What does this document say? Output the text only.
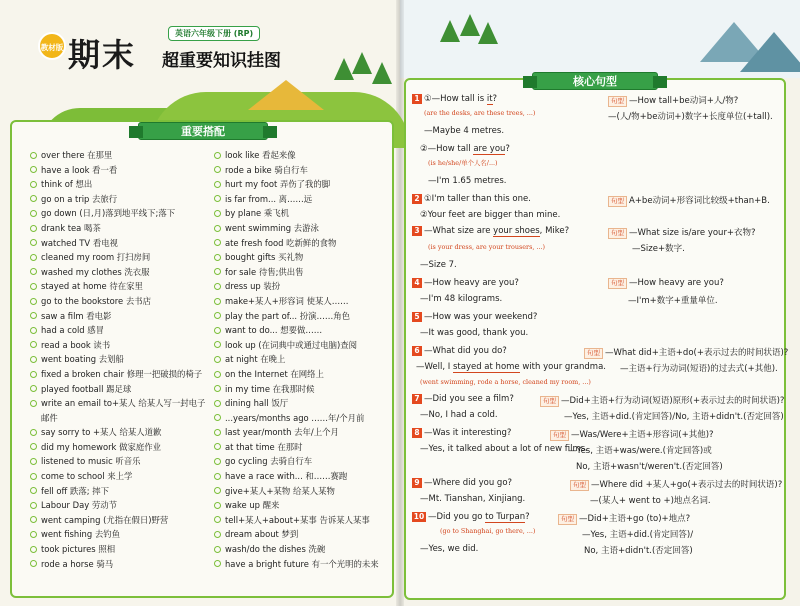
教材版 期末
英语六年级下册 (RP)
超重要知识挂图
重要搭配
over there 在那里
have a look 看一看
think of 想出
go on a trip 去旅行
go down (日,月)落到地平线下;落下
drank tea 喝茶
watched TV 看电视
cleaned my room 打扫房间
washed my clothes 洗衣服
stayed at home 待在家里
go to the bookstore 去书店
saw a film 看电影
had a cold 感冒
read a book 读书
went boating 去划船
fixed a broken chair 修理一把破损的椅子
played football 踢足球
write an email to+某人 给某人写一封电子
邮件
say sorry to +某人 给某人道歉
did my homework 做家庭作业
listened to music 听音乐
come to school 来上学
fell off 跌落; 摔下
Labour Day 劳动节
went camping (尤指在假日)野营
went fishing 去钓鱼
took pictures 照相
rode a horse 骑马
look like 看起来像
rode a bike 骑自行车
hurt my foot 弄伤了我的脚
is far from... 离……远
by plane 乘飞机
went swimming 去游泳
ate fresh food 吃新鲜的食物
bought gifts 买礼物
for sale 待售;供出售
dress up 装扮
make+某人+形容词 使某人……
play the part of... 扮演……角色
want to do... 想要做……
look up (在词典中或通过电脑)查阅
at night 在晚上
on the Internet 在网络上
in my time 在我那时候
dining hall 饭厅
...years/months ago ……年/个月前
last year/month 去年/上个月
at that time 在那时
go cycling 去骑自行车
have a race with... 和……赛跑
give+某人+某物 给某人某物
wake up 醒来
tell+某人+about+某事 告诉某人某事
dream about 梦到
wash/do the dishes 洗碗
have a bright future 有一个光明的未来
核心句型
1 ①—How tall is it?	句型 —How tall+be动词+人/物?
(are the desks, are these trees, ...)	—(人/物+be动词+)数字+长度单位(+tall).
—Maybe 4 metres.
②—How tall are you?
(is he/she/单个人名/...)
—I'm 1.65 metres.
2 ①I'm taller than this one.	句型 A+be动词+形容词比较级+than+B.
②Your feet are bigger than mine.
3 —What size are your shoes, Mike?	句型 —What size is/are your+衣物?
(is your dress, are your trousers, ...)	—Size+数字.
—Size 7.
4 —How heavy are you?	句型 —How heavy are you?
—I'm 48 kilograms.	—I'm+数字+重量单位.
5 —How was your weekend?
—It was good, thank you.
6 —What did you do?	句型 —What did+主语+do(+表示过去的时间状语)?
—Well, I stayed at home with your grandma. —主语+行为动词(短语)的过去式(+其他).
(went swimming, rode a horse, cleaned my room, ...)
7 —Did you see a film?	句型 —Did+主语+行为动词(短语)原形(+表示过去的时间状语)?
—No, I had a cold.	—Yes, 主语+did.(肯定回答)/No, 主语+didn't.(否定回答)
8 —Was it interesting?	句型 —Was/Were+主语+形容词(+其他)?
—Yes, it talked about a lot of new films.
—Yes, 主语+was/were.(肯定回答)或
No, 主语+wasn't/weren't.(否定回答)
9 —Where did you go?	句型 —Where did +某人+go(+表示过去的时间状语)?
—Mt. Tianshan, Xinjiang.	—(某人+ went to +)地点名词.
10 —Did you go to Turpan?	句型 —Did+主语+go (to)+地点?
(go to Shanghai, go there, ...)	—Yes, 主语+did.(肯定回答)/
—Yes, we did.	No, 主语+didn't.(否定回答)
